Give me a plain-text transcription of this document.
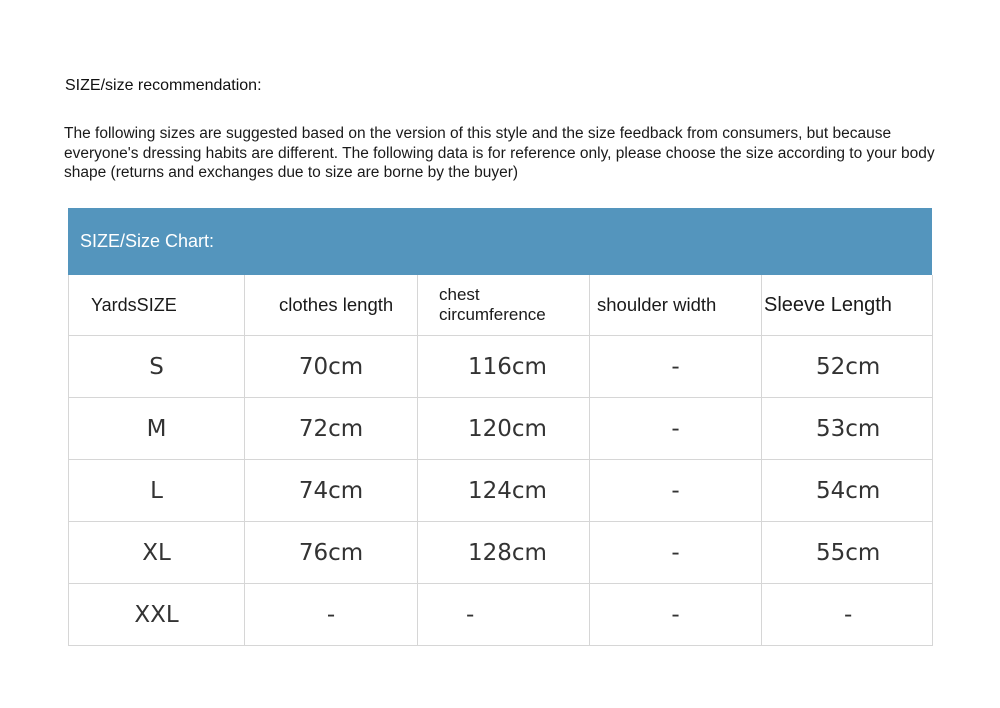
SIZE/size recommendation:

The following sizes are suggested based on the version of this style and the size feedback from consumers, but because everyone's dressing habits are different. The following data is for reference only, please choose the size according to your body shape (returns and exchanges due to size are borne by the buyer)

SIZE/Size Chart:
YardsSIZE	clothes length	chest circumference	shoulder width	Sleeve Length
S	70cm	116cm	-	52cm
M	72cm	120cm	-	53cm
L	74cm	124cm	-	54cm
XL	76cm	128cm	-	55cm
XXL	-	-	-	-
